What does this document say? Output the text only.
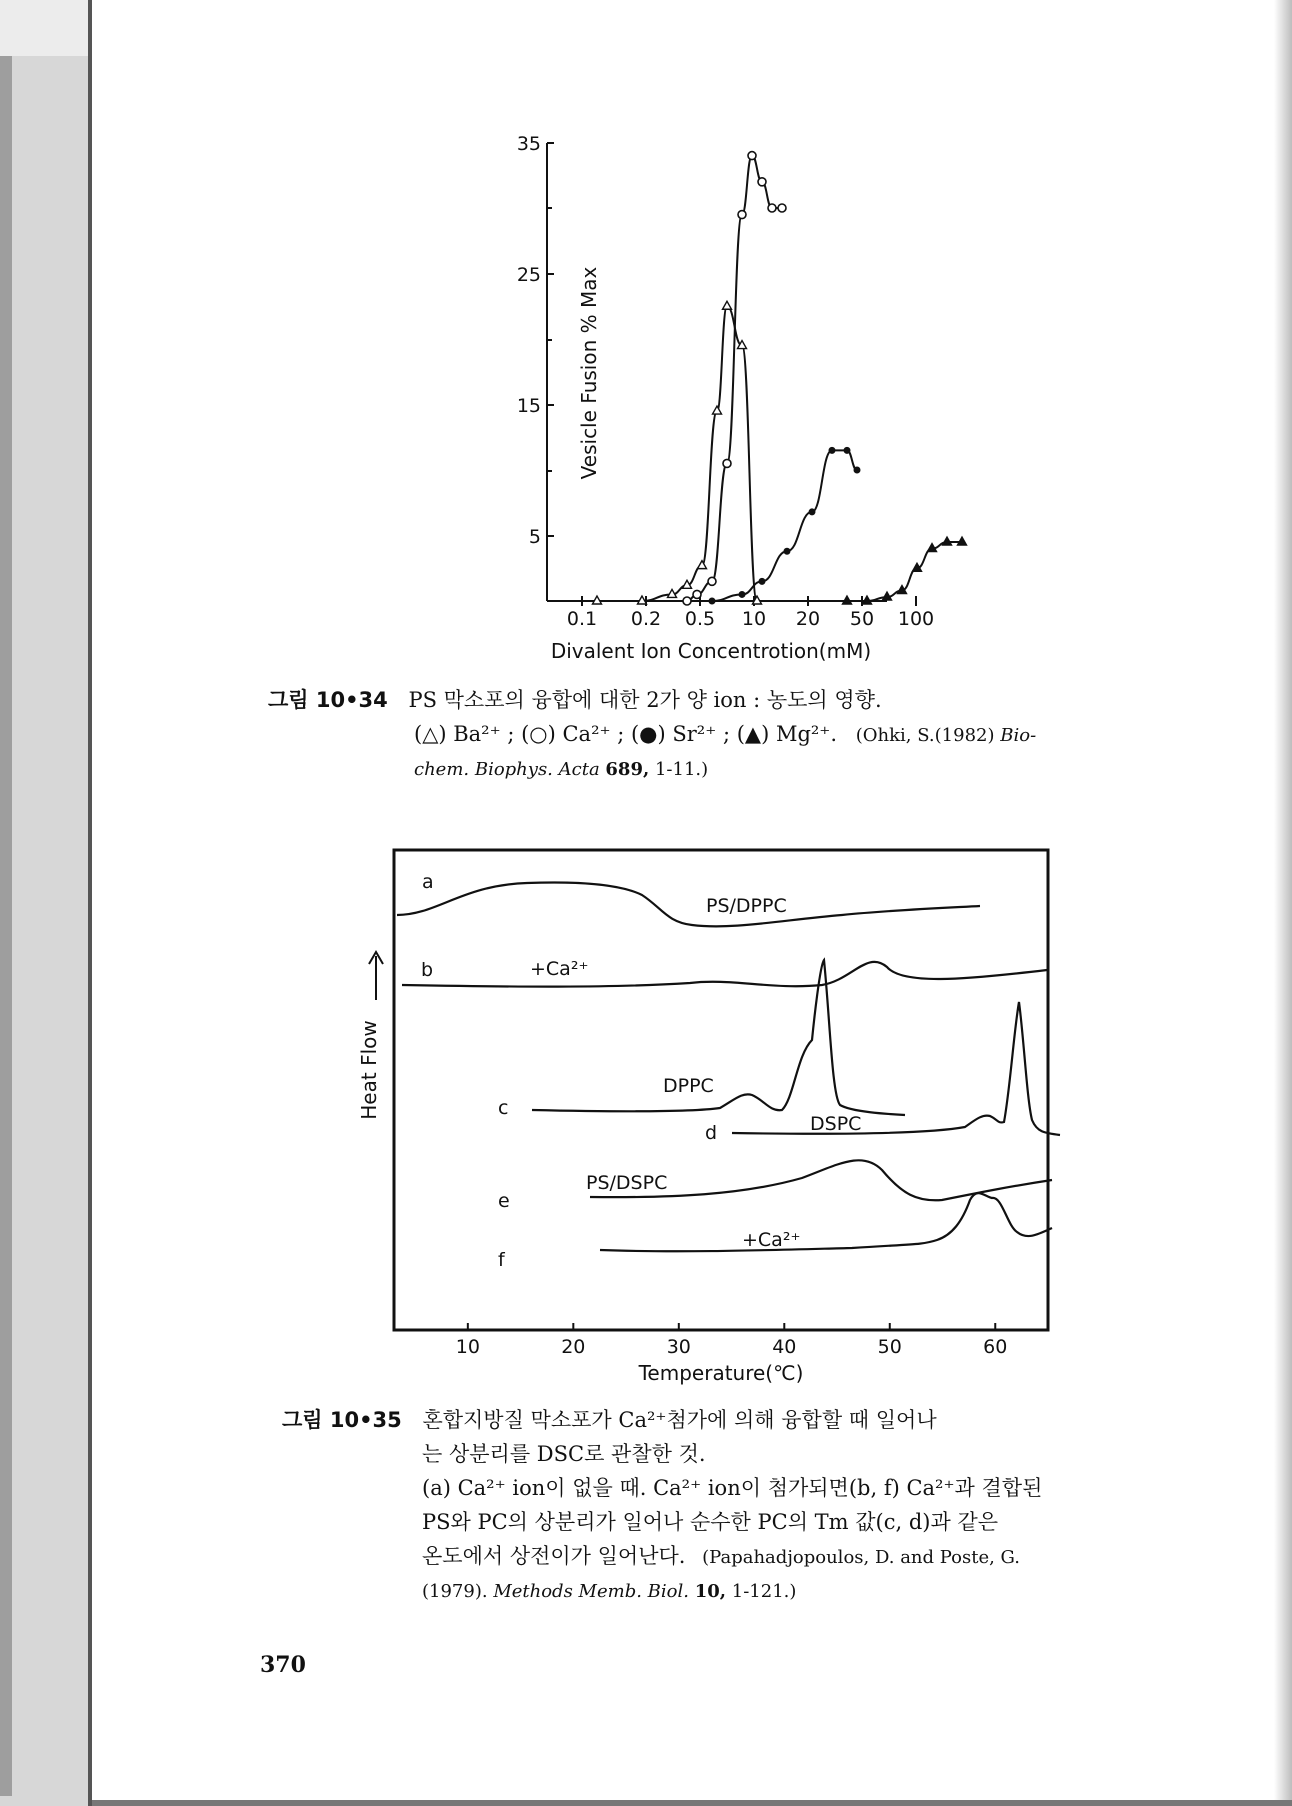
35
25
15
5
Vesicle Fusion % Max
0.1 0.2 0.5 10 20 50 100
Divalent Ion Concentrotion(mM)
그림 10•34 PS 막소포의 융합에 대한 2가 양 ion : 농도의 영향.
(△) Ba²⁺ ; (○) Ca²⁺ ; (●) Sr²⁺ ; (▲) Mg²⁺. (Ohki, S.(1982) Bio-
chem. Biophys. Acta 689, 1-11.)
Heat Flow
10	20	30	40	50	60
Temperature(℃)
a
b
c
d
e
f
PS/DPPC
+Ca²⁺
DPPC
DSPC
PS/DSPC
+Ca²⁺
그림 10•35 혼합지방질 막소포가 Ca²⁺첨가에 의해 융합할 때 일어나
는 상분리를 DSC로 관찰한 것.
(a) Ca²⁺ ion이 없을 때. Ca²⁺ ion이 첨가되면(b, f) Ca²⁺과 결합된
PS와 PC의 상분리가 일어나 순수한 PC의 Tm 값(c, d)과 같은
온도에서 상전이가 일어난다. (Papahadjopoulos, D. and Poste, G.
(1979). Methods Memb. Biol. 10, 1-121.)
370
